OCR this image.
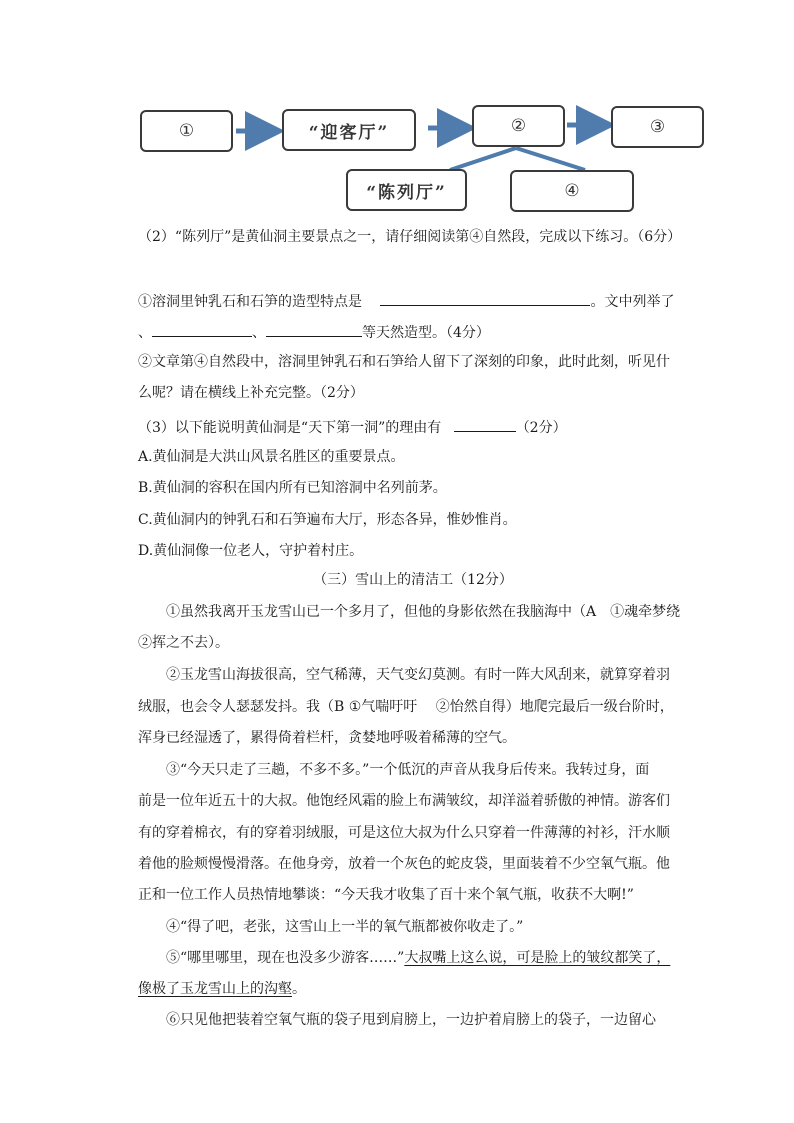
①	“迎客厅”	②	③
“陈列厅”	④
（2）“陈列厅”是黄仙洞主要景点之一，请仔细阅读第④自然段，完成以下练习。（6分）
①溶洞里钟乳石和石笋的造型特点是	。文中列举了
、	、	等天然造型。（4分）
②文章第④自然段中，溶洞里钟乳石和石笋给人留下了深刻的印象，此时此刻，听见什
么呢？请在横线上补充完整。（2分）
（3）以下能说明黄仙洞是“天下第一洞”的理由有	（2分）
A.黄仙洞是大洪山风景名胜区的重要景点。
B.黄仙洞的容积在国内所有已知溶洞中名列前茅。
C.黄仙洞内的钟乳石和石笋遍布大厅，形态各异，惟妙惟肖。
D.黄仙洞像一位老人，守护着村庄。
（三）雪山上的清洁工（12分）
①虽然我离开玉龙雪山已一个多月了，但他的身影依然在我脑海中（A　①魂牵梦绕
②挥之不去）。
②玉龙雪山海拔很高，空气稀薄，天气变幻莫测。有时一阵大风刮来，就算穿着羽
绒服，也会令人瑟瑟发抖。我（B ①气喘吁吁　 ②怡然自得）地爬完最后一级台阶时，
浑身已经湿透了，累得倚着栏杆，贪婪地呼吸着稀薄的空气。
③“今天只走了三趟，不多不多。”一个低沉的声音从我身后传来。我转过身，面
前是一位年近五十的大叔。他饱经风霜的脸上布满皱纹，却洋溢着骄傲的神情。游客们
有的穿着棉衣，有的穿着羽绒服，可是这位大叔为什么只穿着一件薄薄的衬衫，汗水顺
着他的脸颊慢慢滑落。在他身旁，放着一个灰色的蛇皮袋，里面装着不少空氧气瓶。他
正和一位工作人员热情地攀谈：“今天我才收集了百十来个氧气瓶，收获不大啊!”
④“得了吧，老张，这雪山上一半的氧气瓶都被你收走了。”
⑤“哪里哪里，现在也没多少游客……”大叔嘴上这么说，可是脸上的皱纹都笑了，
像极了玉龙雪山上的沟壑。
⑥只见他把装着空氧气瓶的袋子甩到肩膀上，一边护着肩膀上的袋子，一边留心
